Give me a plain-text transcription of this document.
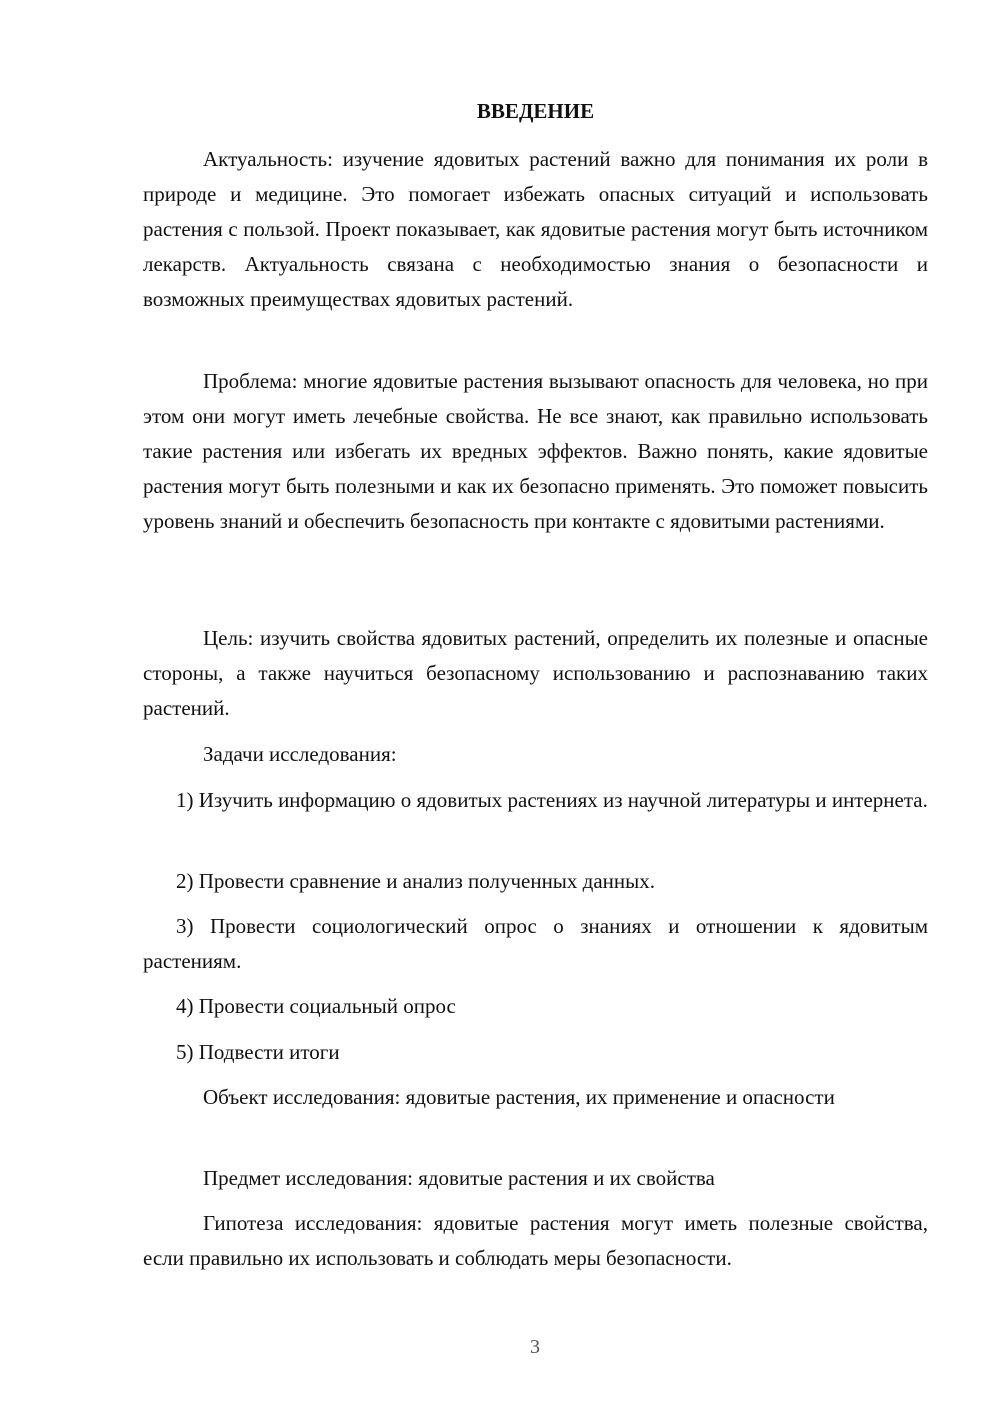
ВВЕДЕНИЕ

Актуальность: изучение ядовитых растений важно для понимания их роли в природе и медицине. Это помогает избежать опасных ситуаций и использовать растения с пользой. Проект показывает, как ядовитые растения могут быть источником лекарств. Актуальность связана с необходимостью знания о безопасности и возможных преимуществах ядовитых растений.

Проблема: многие ядовитые растения вызывают опасность для человека, но при этом они могут иметь лечебные свойства. Не все знают, как правильно использовать такие растения или избегать их вредных эффектов. Важно понять, какие ядовитые растения могут быть полезными и как их безопасно применять. Это поможет повысить уровень знаний и обеспечить безопасность при контакте с ядовитыми растениями.

Цель: изучить свойства ядовитых растений, определить их полезные и опасные стороны, а также научиться безопасному использованию и распознаванию таких растений.

Задачи исследования:

1) Изучить информацию о ядовитых растениях из научной литературы и интернета.

2) Провести сравнение и анализ полученных данных.

3) Провести социологический опрос о знаниях и отношении к ядовитым растениям.

4) Провести социальный опрос

5) Подвести итоги

Объект исследования: ядовитые растения, их применение и опасности

Предмет исследования: ядовитые растения и их свойства

Гипотеза исследования: ядовитые растения могут иметь полезные свойства, если правильно их использовать и соблюдать меры безопасности.

3
